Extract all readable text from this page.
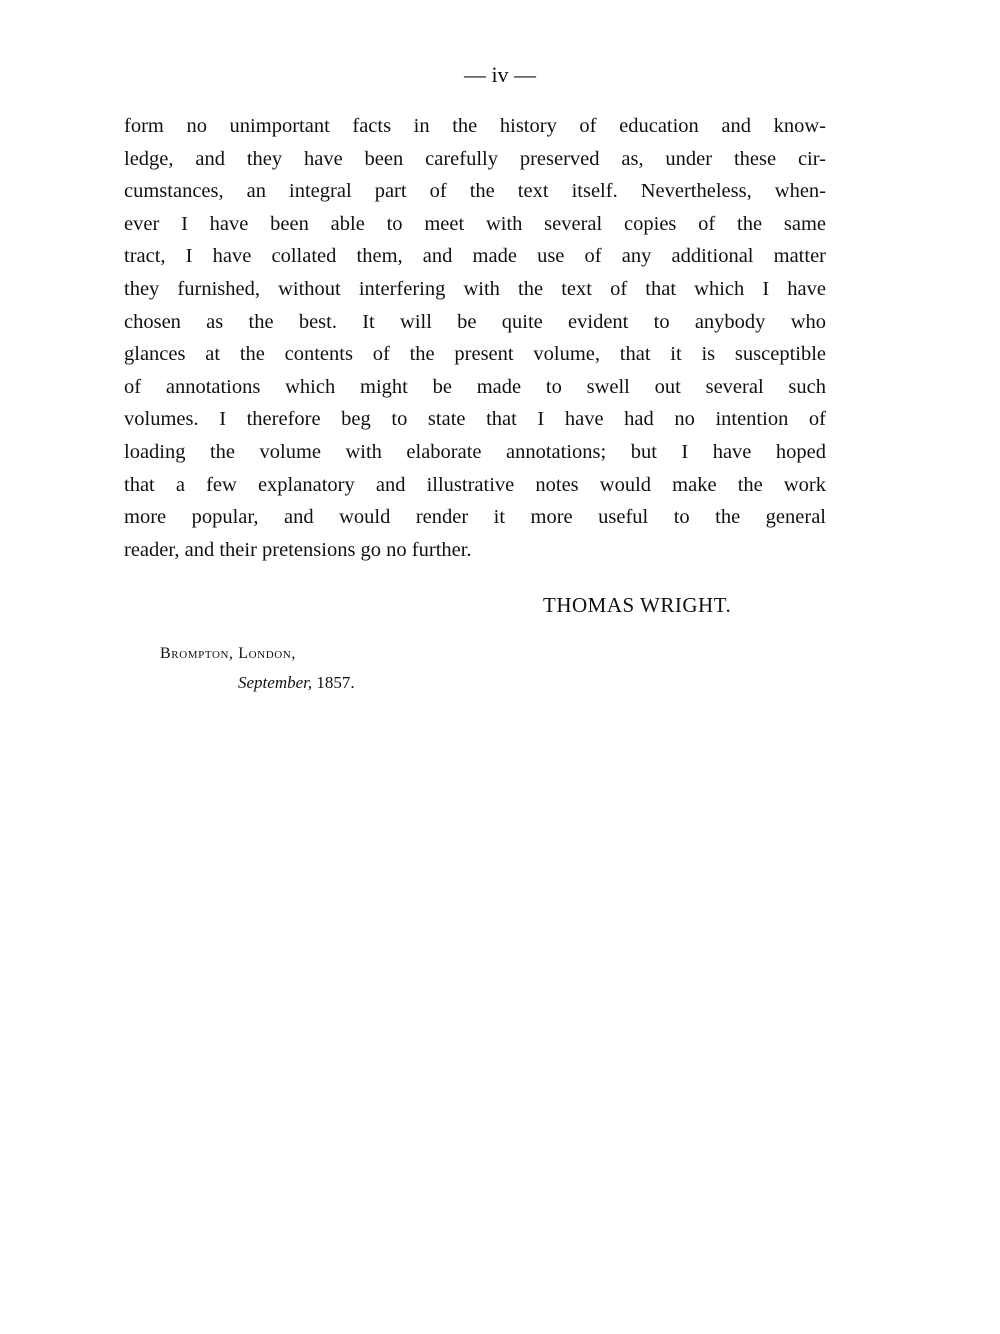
— iv —
form no unimportant facts in the history of education and know-
ledge, and they have been carefully preserved as, under these cir-
cumstances, an integral part of the text itself. Nevertheless, when-
ever I have been able to meet with several copies of the same
tract, I have collated them, and made use of any additional matter
they furnished, without interfering with the text of that which I have
chosen as the best. It will be quite evident to anybody who
glances at the contents of the present volume, that it is susceptible
of annotations which might be made to swell out several such
volumes. I therefore beg to state that I have had no intention of
loading the volume with elaborate annotations; but I have hoped
that a few explanatory and illustrative notes would make the work
more popular, and would render it more useful to the general
reader, and their pretensions go no further.
THOMAS WRIGHT.
Brompton, London,
September, 1857.
